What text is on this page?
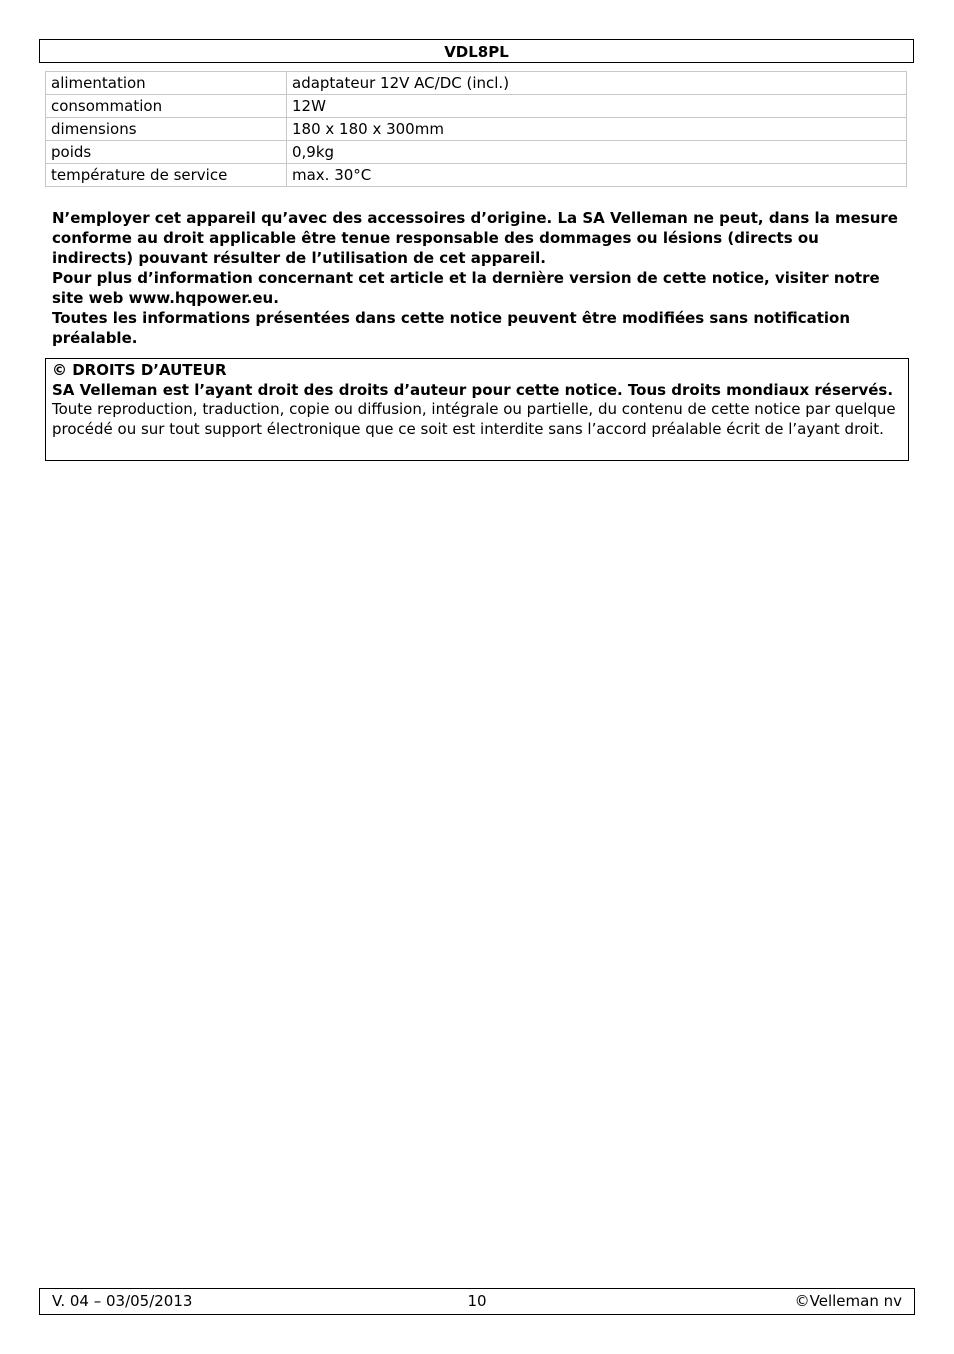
VDL8PL
alimentation	adaptateur 12V AC/DC (incl.)
consommation	12W
dimensions	180 x 180 x 300mm
poids	0,9kg
température de service	max. 30°C

N’employer cet appareil qu’avec des accessoires d’origine. La SA Velleman ne peut, dans la mesure conforme au droit applicable être tenue responsable des dommages ou lésions (directs ou indirects) pouvant résulter de l’utilisation de cet appareil.

Pour plus d’information concernant cet article et la dernière version de cette notice, visiter notre site web www.hqpower.eu.

Toutes les informations présentées dans cette notice peuvent être modifiées sans notification préalable.

© DROITS D’AUTEUR
SA Velleman est l’ayant droit des droits d’auteur pour cette notice. Tous droits mondiaux réservés. Toute reproduction, traduction, copie ou diffusion, intégrale ou partielle, du contenu de cette notice par quelque procédé ou sur tout support électronique que ce soit est interdite sans l’accord préalable écrit de l’ayant droit.
V. 04 – 03/05/2013	10	©Velleman nv
